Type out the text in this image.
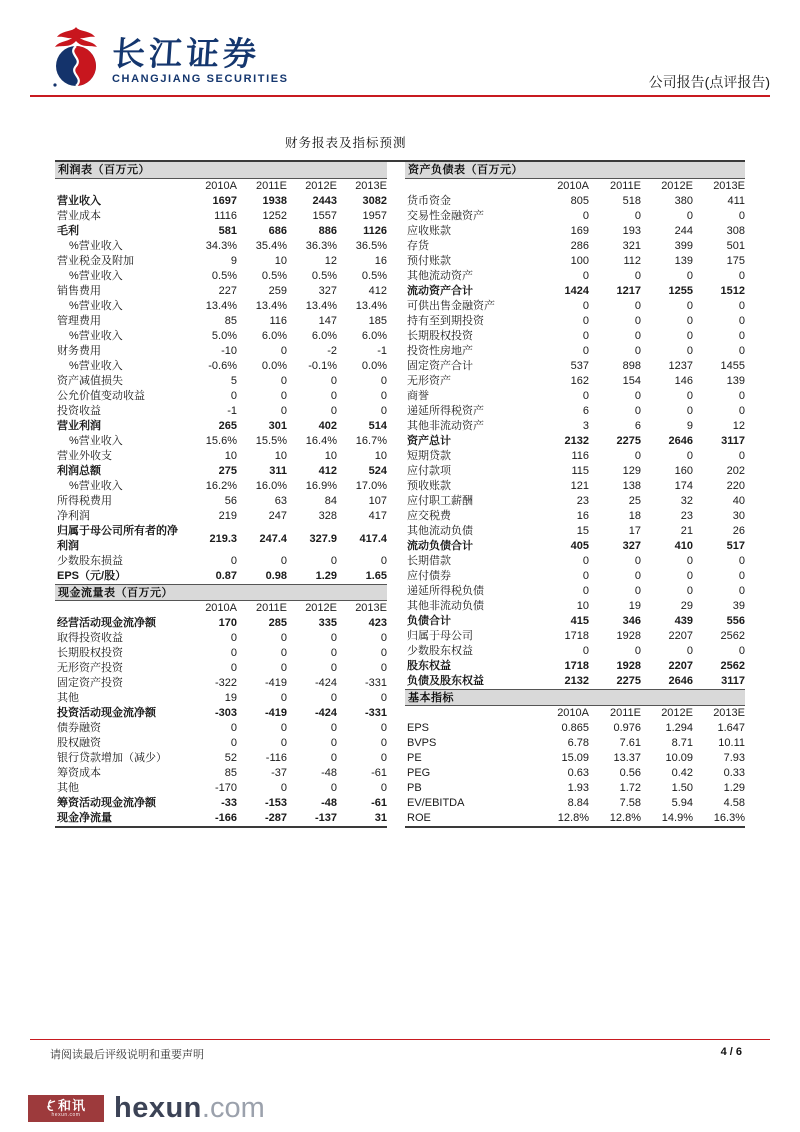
长江证券
CHANGJIANG SECURITIES	公司报告(点评报告)
财务报表及指标预测
利润表（百万元）
2010A	2011E	2012E	2013E
营业收入	1697	1938	2443	3082
营业成本	1116	1252	1557	1957
毛利	581	686	886	1126
%营业收入	34.3%	35.4%	36.3%	36.5%
营业税金及附加	9	10	12	16
%营业收入	0.5%	0.5%	0.5%	0.5%
销售费用	227	259	327	412
%营业收入	13.4%	13.4%	13.4%	13.4%
管理费用	85	116	147	185
%营业收入	5.0%	6.0%	6.0%	6.0%
财务费用	-10	0	-2	-1
%营业收入	-0.6%	0.0%	-0.1%	0.0%
资产减值损失	5	0	0	0
公允价值变动收益	0	0	0	0
投资收益	-1	0	0	0
营业利润	265	301	402	514
%营业收入	15.6%	15.5%	16.4%	16.7%
营业外收支	10	10	10	10
利润总额	275	311	412	524
%营业收入	16.2%	16.0%	16.9%	17.0%
所得税费用	56	63	84	107
净利润	219	247	328	417
归属于母公司所有者的净利润
219.3	247.4	327.9	417.4
少数股东损益	0	0	0	0
EPS（元/股）	0.87	0.98	1.29	1.65
现金流量表（百万元）
2010A	2011E	2012E	2013E
经营活动现金流净额	170	285	335	423
取得投资收益	0	0	0	0
长期股权投资	0	0	0	0
无形资产投资	0	0	0	0
固定资产投资	-322	-419	-424	-331
其他	19	0	0	0
投资活动现金流净额	-303	-419	-424	-331
债券融资	0	0	0	0
股权融资	0	0	0	0
银行贷款增加（减少）	52	-116	0	0
筹资成本	85	-37	-48	-61
其他	-170	0	0	0
筹资活动现金流净额	-33	-153	-48	-61
现金净流量	-166	-287	-137	31
资产负债表（百万元）
2010A	2011E	2012E	2013E
货币资金	805	518	380	411
交易性金融资产	0	0	0	0
应收账款	169	193	244	308
存货	286	321	399	501
预付账款	100	112	139	175
其他流动资产	0	0	0	0
流动资产合计	1424	1217	1255	1512
可供出售金融资产	0	0	0	0
持有至到期投资	0	0	0	0
长期股权投资	0	0	0	0
投资性房地产	0	0	0	0
固定资产合计	537	898	1237	1455
无形资产	162	154	146	139
商誉	0	0	0	0
递延所得税资产	6	0	0	0
其他非流动资产	3	6	9	12
资产总计	2132	2275	2646	3117
短期贷款	116	0	0	0
应付款项	115	129	160	202
预收账款	121	138	174	220
应付职工薪酬	23	25	32	40
应交税费	16	18	23	30
其他流动负债	15	17	21	26
流动负债合计	405	327	410	517
长期借款	0	0	0	0
应付债券	0	0	0	0
递延所得税负债	0	0	0	0
其他非流动负债	10	19	29	39
负债合计	415	346	439	556
归属于母公司	1718	1928	2207	2562
少数股东权益	0	0	0	0
股东权益	1718	1928	2207	2562
负债及股东权益	2132	2275	2646	3117
基本指标
2010A	2011E	2012E	2013E
EPS	0.865	0.976	1.294	1.647
BVPS	6.78	7.61	8.71	10.11
PE	15.09	13.37	10.09	7.93
PEG	0.63	0.56	0.42	0.33
PB	1.93	1.72	1.50	1.29
EV/EBITDA	8.84	7.58	5.94	4.58
ROE	12.8%	12.8%	14.9%	16.3%
请阅读最后评级说明和重要声明	4 / 6
和讯
hexun.com hexun.com
